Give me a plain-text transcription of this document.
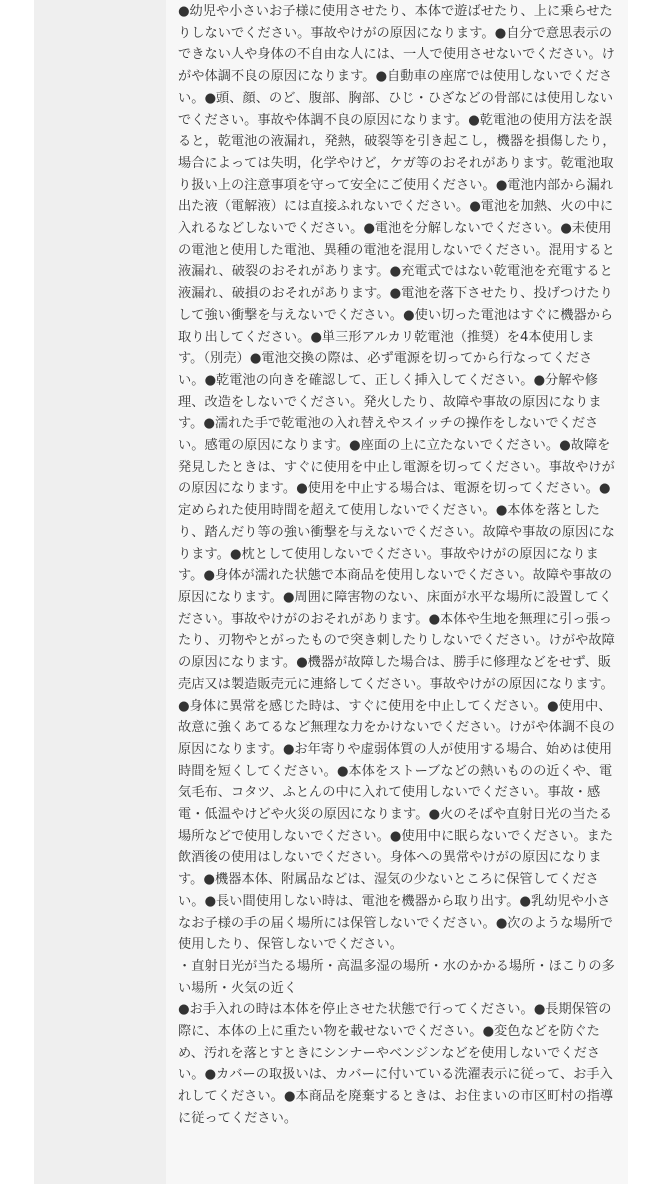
●幼児や小さいお子様に使用させたり、本体で遊ばせたり、上に乗らせたりしないでください。事故やけがの原因になります。●自分で意思表示のできない人や身体の不自由な人には、一人で使用させないでください。けがや体調不良の原因になります。●自動車の座席では使用しないでください。●頭、顔、のど、腹部、胸部、ひじ・ひざなどの骨部には使用しないでください。事故や体調不良の原因になります。●乾電池の使用方法を誤ると，乾電池の液漏れ，発熱，破裂等を引き起こし，機器を損傷したり，場合によっては失明，化学やけど，ケガ等のおそれがあります。乾電池取り扱い上の注意事項を守って安全にご使用ください。●電池内部から漏れ出た液（電解液）には直接ふれないでください。●電池を加熱、火の中に入れるなどしないでください。●電池を分解しないでください。●未使用の電池と使用した電池、異種の電池を混用しないでください。混用すると液漏れ、破裂のおそれがあります。●充電式ではない乾電池を充電すると液漏れ、破損のおそれがあります。●電池を落下させたり、投げつけたりして強い衝撃を与えないでください。●使い切った電池はすぐに機器から取り出してください。●単三形アルカリ乾電池（推奨）を4本使用します。（別売）●電池交換の際は、必ず電源を切ってから行なってください。●乾電池の向きを確認して、正しく挿入してください。●分解や修理、改造をしないでください。発火したり、故障や事故の原因になります。●濡れた手で乾電池の入れ替えやスイッチの操作をしないでください。感電の原因になります。●座面の上に立たないでください。●故障を発見したときは、すぐに使用を中止し電源を切ってください。事故やけがの原因になります。●使用を中止する場合は、電源を切ってください。●定められた使用時間を超えて使用しないでください。●本体を落としたり、踏んだり等の強い衝撃を与えないでください。故障や事故の原因になります。●枕として使用しないでください。事故やけがの原因になります。●身体が濡れた状態で本商品を使用しないでください。故障や事故の原因になります。●周囲に障害物のない、床面が水平な場所に設置してください。事故やけがのおそれがあります。●本体や生地を無理に引っ張ったり、刃物やとがったもので突き刺したりしないでください。けがや故障の原因になります。●機器が故障した場合は、勝手に修理などをせず、販売店又は製造販売元に連絡してください。事故やけがの原因になります。●身体に異常を感じた時は、すぐに使用を中止してください。●使用中、故意に強くあてるなど無理な力をかけないでください。けがや体調不良の原因になります。●お年寄りや虚弱体質の人が使用する場合、始めは使用時間を短くしてください。●本体をストーブなどの熱いものの近くや、電気毛布、コタツ、ふとんの中に入れて使用しないでください。事故・感電・低温やけどや火災の原因になります。●火のそばや直射日光の当たる場所などで使用しないでください。●使用中に眠らないでください。また飲酒後の使用はしないでください。身体への異常やけがの原因になります。●機器本体、附属品などは、湿気の少ないところに保管してください。●長い間使用しない時は、電池を機器から取り出す。●乳幼児や小さなお子様の手の届く場所には保管しないでください。●次のような場所で使用したり、保管しないでください。

・直射日光が当たる場所・高温多湿の場所・水のかかる場所・ほこりの多い場所・火気の近く

●お手入れの時は本体を停止させた状態で行ってください。●長期保管の際に、本体の上に重たい物を載せないでください。●変色などを防ぐため、汚れを落とすときにシンナーやベンジンなどを使用しないでください。●カバーの取扱いは、カバーに付いている洗濯表示に従って、お手入れしてください。●本商品を廃棄するときは、お住まいの市区町村の指導に従ってください。
